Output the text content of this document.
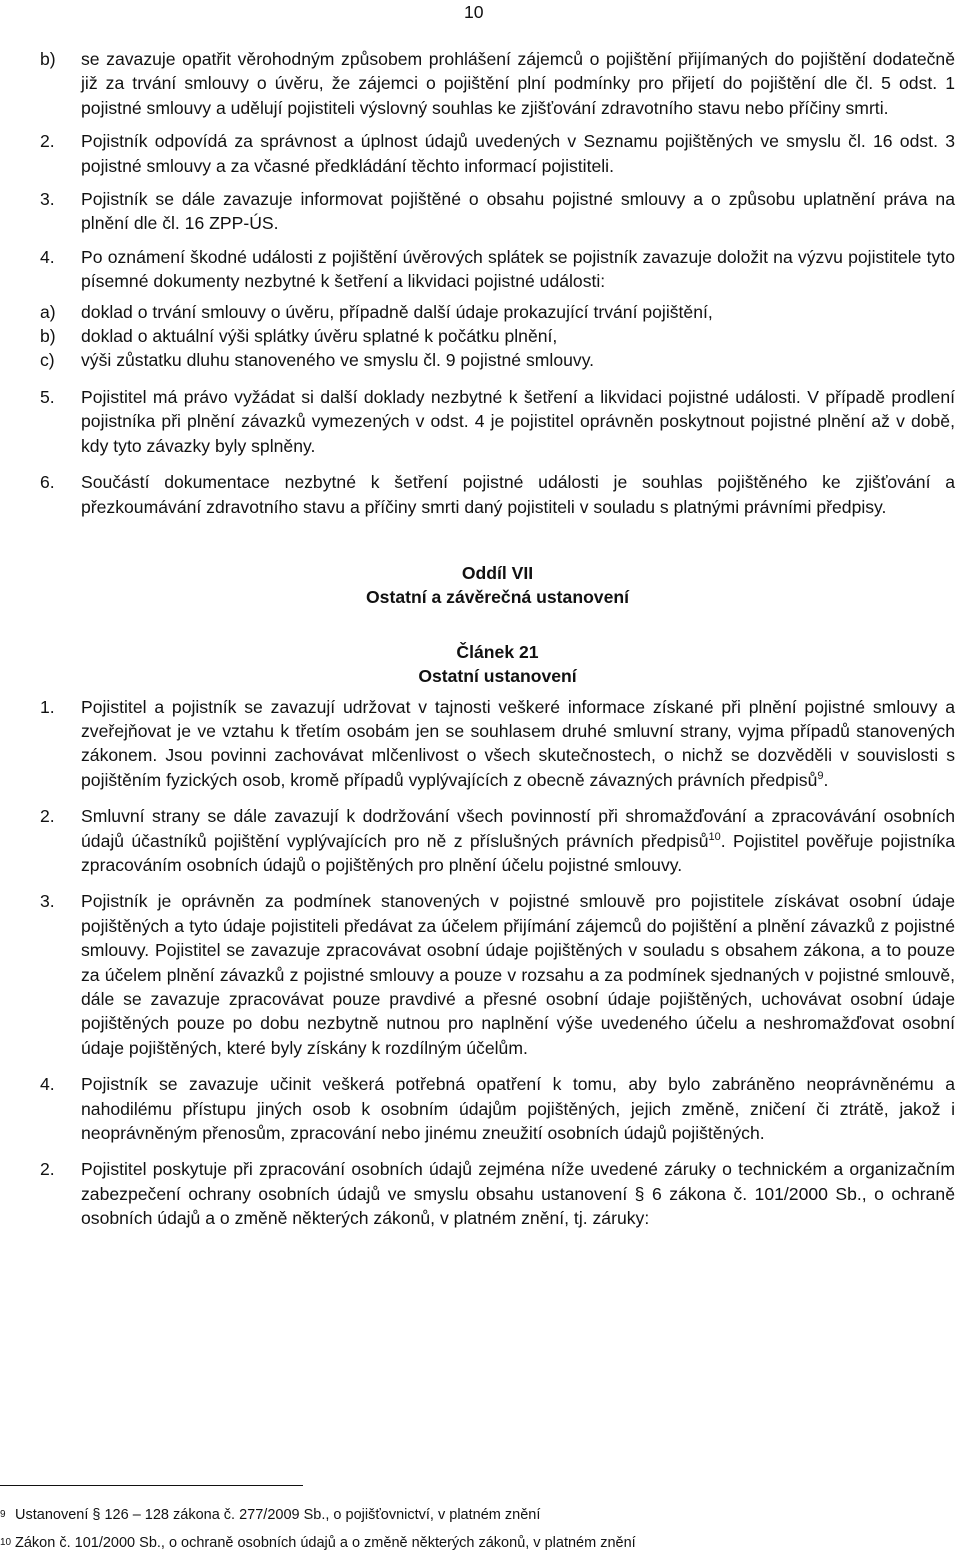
10
b)	se zavazuje opatřit věrohodným způsobem prohlášení zájemců o pojištění přijímaných do pojištění dodatečně již za trvání smlouvy o úvěru, že zájemci o pojištění plní podmínky pro přijetí do pojištění dle čl. 5 odst. 1 pojistné smlouvy a udělují pojistiteli výslovný souhlas ke zjišťování zdravotního stavu nebo příčiny smrti.
2.	Pojistník odpovídá za správnost a úplnost údajů uvedených v Seznamu pojištěných ve smyslu čl. 16 odst. 3 pojistné smlouvy a za včasné předkládání těchto informací pojistiteli.
3.	Pojistník se dále zavazuje informovat pojištěné o obsahu pojistné smlouvy a o způsobu uplatnění práva na plnění dle čl. 16 ZPP-ÚS.
4.	Po oznámení škodné události z pojištění úvěrových splátek se pojistník zavazuje doložit na výzvu pojistitele tyto písemné dokumenty nezbytné k šetření a likvidaci pojistné události:
a)	doklad o trvání smlouvy o úvěru, případně další údaje prokazující trvání pojištění,
b)	doklad o aktuální výši splátky úvěru splatné k počátku plnění,
c)	výši zůstatku dluhu stanoveného ve smyslu čl. 9 pojistné smlouvy.
5.	Pojistitel má právo vyžádat si další doklady nezbytné k šetření a likvidaci pojistné události. V případě prodlení pojistníka při plnění závazků vymezených v odst. 4 je pojistitel oprávněn poskytnout pojistné plnění až v době, kdy tyto závazky byly splněny.
6.	Součástí dokumentace nezbytné k šetření pojistné události je souhlas pojištěného ke zjišťování a přezkoumávání zdravotního stavu a příčiny smrti daný pojistiteli v souladu s platnými právními předpisy.
Oddíl VII
Ostatní a závěrečná ustanovení
Článek 21
Ostatní ustanovení
1.	Pojistitel a pojistník se zavazují udržovat v tajnosti veškeré informace získané při plnění pojistné smlouvy a zveřejňovat je ve vztahu k třetím osobám jen se souhlasem druhé smluvní strany, vyjma případů stanovených zákonem. Jsou povinni zachovávat mlčenlivost o všech skutečnostech, o nichž se dozvěděli v souvislosti s pojištěním fyzických osob, kromě případů vyplývajících z obecně závazných právních předpisů$^9$.
2.	Smluvní strany se dále zavazují k dodržování všech povinností při shromažďování a zpracovávání osobních údajů účastníků pojištění vyplývajících pro ně z příslušných právních předpisů$^{10}$. Pojistitel pověřuje pojistníka zpracováním osobních údajů o pojištěných pro plnění účelu pojistné smlouvy.
3.	Pojistník je oprávněn za podmínek stanovených v pojistné smlouvě pro pojistitele získávat osobní údaje pojištěných a tyto údaje pojistiteli předávat za účelem přijímání zájemců do pojištění a plnění závazků z pojistné smlouvy. Pojistitel se zavazuje zpracovávat osobní údaje pojištěných v souladu s obsahem zákona, a to pouze za účelem plnění závazků z pojistné smlouvy a pouze v rozsahu a za podmínek sjednaných v pojistné smlouvě, dále se zavazuje zpracovávat pouze pravdivé a přesné osobní údaje pojištěných, uchovávat osobní údaje pojištěných pouze po dobu nezbytně nutnou pro naplnění výše uvedeného účelu a neshromažďovat osobní údaje pojištěných, které byly získány k rozdílným účelům.
4.	Pojistník se zavazuje učinit veškerá potřebná opatření k tomu, aby bylo zabráněno neoprávněnému a nahodilému přístupu jiných osob k osobním údajům pojištěných, jejich změně, zničení či ztrátě, jakož i neoprávněným přenosům, zpracování nebo jinému zneužití osobních údajů pojištěných.
2.	Pojistitel poskytuje při zpracování osobních údajů zejména níže uvedené záruky o technickém a organizačním zabezpečení ochrany osobních údajů ve smyslu obsahu ustanovení § 6 zákona č. 101/2000 Sb., o ochraně osobních údajů a o změně některých zákonů, v platném znění, tj. záruky:
9 Ustanovení § 126 – 128 zákona č. 277/2009 Sb., o pojišťovnictví, v platném znění
10 Zákon č. 101/2000 Sb., o ochraně osobních údajů a o změně některých zákonů, v platném znění
